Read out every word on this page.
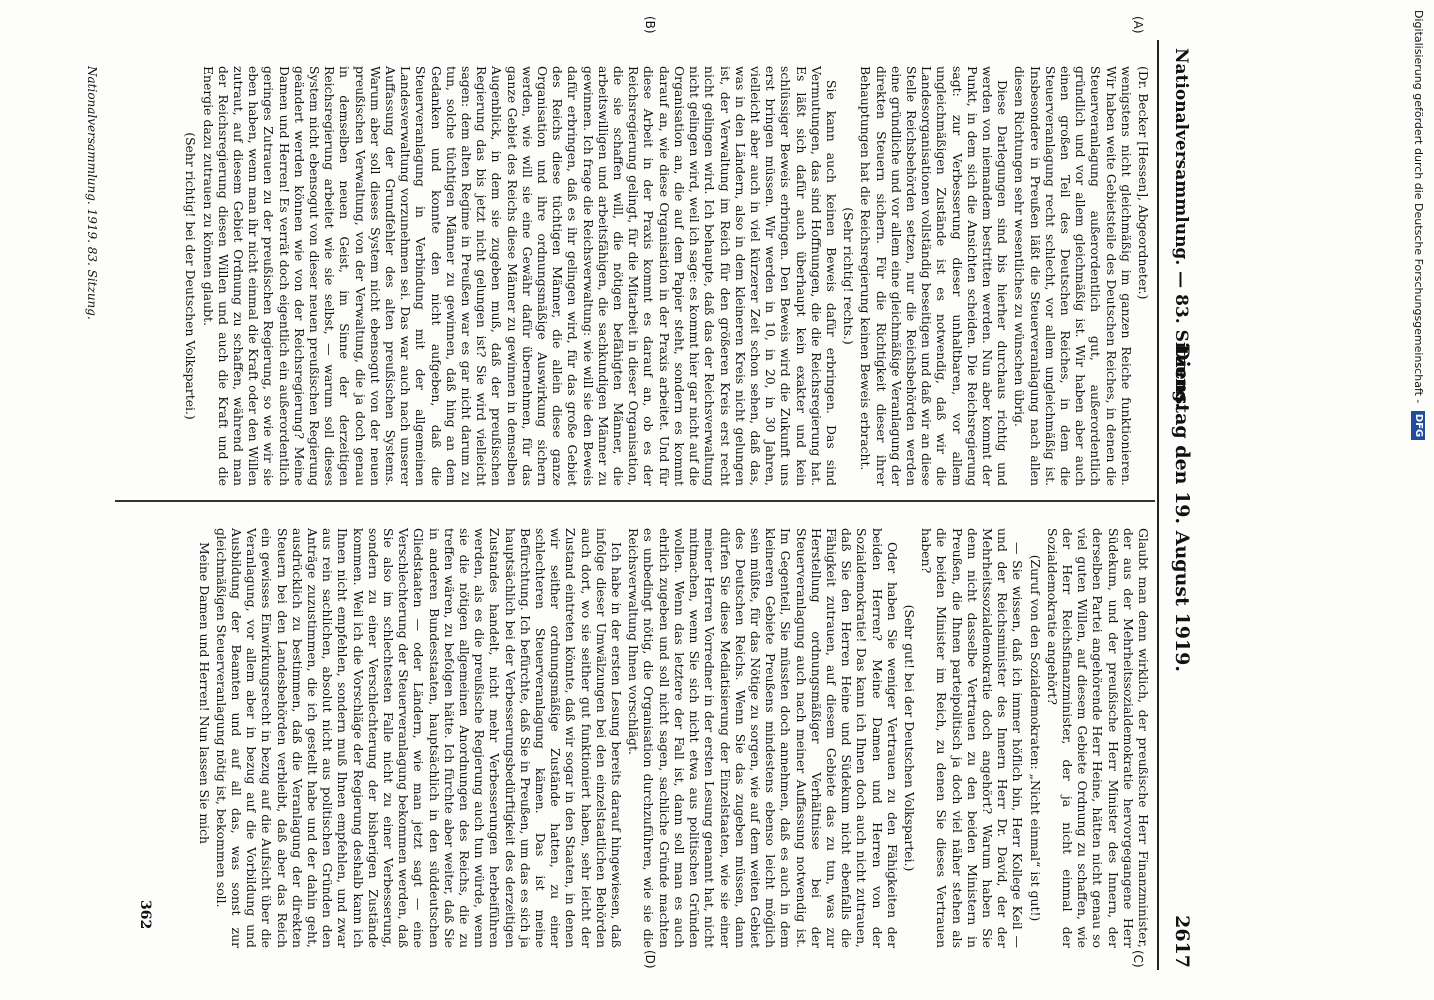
Nationalversammlung. — 83. Sitzung.
Dienstag den 19. August 1919.
2617
(A)
(B)
(C)
(D)

(Dr. Becker [Hessen], Abgeordneter.)

wenigstens nicht gleichmäßig im ganzen Reiche funktionieren. Wir haben weite Gebietsteile des Deutschen Reiches, in denen die Steuerveranlagung außerordentlich gut, außerordentlich gründlich und vor allem gleichmäßig ist. Wir haben aber auch einen großen Teil des Deutschen Reiches, in dem die Steuerveranlagung recht schlecht, vor allem ungleichmäßig ist. Insbesondere in Preußen läßt die Steuerveranlagung nach allen diesen Richtungen sehr wesentliches zu wünschen übrig.

Diese Darlegungen sind bis hierher durchaus richtig und werden von niemandem bestritten werden. Nun aber kommt der Punkt, in dem sich die Ansichten scheiden. Die Reichsregierung sagt: zur Verbesserung dieser unhaltbaren, vor allem ungleichmäßigen Zustände ist es notwendig, daß wir die Landesorganisationen vollständig beseitigen und daß wir an diese Stelle Reichsbehörden setzen, nur die Reichsbehörden werden eine gründliche und vor allem eine gleichmäßige Veranlagung der direkten Steuern sichern. Für die Richtigkeit dieser ihrer Behauptungen hat die Reichsregierung keinen Beweis erbracht.

(Sehr richtig! rechts.)

Sie kann auch keinen Beweis dafür erbringen. Das sind Vermutungen, das sind Hoffnungen, die die Reichsregierung hat. Es läßt sich dafür auch überhaupt kein exakter und kein schlüssiger Beweis erbringen. Den Beweis wird die Zukunft uns erst bringen müssen. Wir werden in 10, in 20, in 30 Jahren, vielleicht aber auch in viel kürzerer Zeit schon sehen, daß das, was in den Ländern, also in dem kleineren Kreis nicht gelungen ist, der Verwaltung im Reich für den größeren Kreis erst recht nicht gelingen wird. Ich behaupte, daß das der Reichsverwaltung nicht gelingen wird, weil ich sage: es kommt hier gar nicht auf die Organisation an, die auf dem Papier steht, sondern es kommt darauf an, wie diese Organisation in der Praxis arbeitet. Und für diese Arbeit in der Praxis kommt es darauf an, ob es der Reichsregierung gelingt, für die Mitarbeit in dieser Organisation, die sie schaffen will, die nötigen befähigten Männer, die arbeitswilligen und arbeitsfähigen, die sachkundigen Männer zu gewinnen. Ich frage die Reichsverwaltung: wie will sie den Beweis dafür erbringen, daß es ihr gelingen wird, für das große Gebiet des Reichs diese tüchtigen Männer, die allein diese ganze Organisation und ihre ordnungsmäßige Auswirkung sichern werden, wie will sie eine Gewähr dafür übernehmen, für das ganze Gebiet des Reichs diese Männer zu gewinnen in demselben Augenblick, in dem sie zugeben muß, daß der preußischen Regierung das bis jetzt nicht gelungen ist? Sie wird vielleicht sagen: dem alten Regime in Preußen war es gar nicht darum zu tun, solche tüchtigen Männer zu gewinnen, daß hing an dem Gedanken und konnte den nicht aufgeben, daß die Steuerveranlagung in Verbindung mit der allgemeinen Landesverwaltung vorzunehmen sei. Das war auch nach unserer Auffassung der Grundfehler des alten preußischen Systems. Warum aber soll dieses System nicht ebensogut von der neuen preußischen Verwaltung, von der Verwaltung, die ja doch genau in demselben neuen Geist, im Sinne der derzeitigen Reichsregierung arbeitet wie sie selbst, — warum soll dieses System nicht ebensogut von dieser neuen preußischen Regierung geändert werden können wie von der Reichsregierung? Meine Damen und Herren! Es verrät doch eigentlich ein außerordentlich geringes Zutrauen zu der preußischen Regierung, so wie wir sie eben haben, wenn man ihr nicht einmal die Kraft oder den Willen zutraut, auf diesem Gebiet Ordnung zu schaffen, während man der Reichsregierung diesen Willen und auch die Kraft und die Energie dazu zutrauen zu können glaubt.

(Sehr richtig! bei der Deutschen Volkspartei.)

Glaubt man denn wirklich, der preußische Herr Finanzminister, der aus der Mehrheitssozialdemokratie hervorgegangene Herr Südekum, und der preußische Herr Minister des Innern, der derselben Partei angehörende Herr Heine, hätten nicht genau so viel guten Willen, auf diesem Gebiete Ordnung zu schaffen, wie der Herr Reichsfinanzminister, der ja nicht einmal der Sozialdemokratie angehört?

(Zuruf von den Sozialdemokraten: „Nicht einmal“ ist gut!)

— Sie wissen, daß ich immer höflich bin, Herr Kollege Keil — und der Reichsminister des Innern Herr Dr. David, der der Mehrheitssozialdemokratie doch angehört? Warum haben Sie denn nicht dasselbe Vertrauen zu den beiden Ministern in Preußen, die Ihnen parteipolitisch ja doch viel näher stehen als die beiden Minister im Reich, zu denen Sie dieses Vertrauen haben?

(Sehr gut! bei der Deutschen Volkspartei.)

Oder haben Sie weniger Vertrauen zu den Fähigkeiten der beiden Herren? Meine Damen und Herren von der Sozialdemokratie! Das kann ich Ihnen doch auch nicht zutrauen, daß Sie den Herren Heine und Südekum nicht ebenfalls die Fähigkeit zutrauen, auf diesem Gebiete das zu tun, was zur Herstellung ordnungsmäßiger Verhältnisse bei der Steuerveranlagung auch nach meiner Auffassung notwendig ist. Im Gegenteil, Sie müssten doch annehmen, daß es auch in dem kleineren Gebiete Preußens mindestens ebenso leicht möglich sein müßte, für das Nötige zu sorgen, wie auf dem weiten Gebiet des Deutschen Reichs. Wenn Sie das zugeben müssen, dann dürfen Sie diese Mediatisierung der Einzelstaaten, wie sie einer meiner Herren Vorredner in der ersten Lesung genannt hat, nicht mitmachen, wenn Sie sich nicht etwa aus politischen Gründen wollen. Wenn das letztere der Fall ist, dann soll man es auch ehrlich zugeben und soll nicht sagen, sachliche Gründe machten es unbedingt nötig, die Organisation durchzuführen, wie sie die Reichsverwaltung Ihnen vorschlägt.

Ich habe in der ersten Lesung bereits darauf hingewiesen, daß infolge dieser Umwälzungen bei den einzelstaatlichen Behörden auch dort, wo sie seither gut funktioniert haben, sehr leicht der Zustand eintreten könnte, daß wir sogar in den Staaten, in denen wir seither ordnungsmäßige Zustände hatten, zu einer schlechteren Steuerveranlagung kämen. Das ist meine Befürchtung. Ich befürchte, daß Sie in Preußen, um das es sich ja hauptsächlich bei der Verbesserungsbedürftigkeit des derzeitigen Zustandes handelt, nicht mehr Verbesserungen herbeiführen werden, als es die preußische Regierung auch tun würde, wenn sie die nötigen allgemeinen Anordnungen des Reichs, die zu treffen wären, zu befolgen hätte. Ich fürchte aber weiter, daß Sie in anderen Bundesstaaten, hauptsächlich in den süddeutschen Gliedstaaten — oder Ländern, wie man jetzt sagt — eine Verschlechterung der Steuerveranlagung bekommen werden, daß Sie also im schlechtesten Falle nicht zu einer Verbesserung, sondern zu einer Verschlechterung der bisherigen Zustände kommen. Weil ich die Vorschläge der Regierung deshalb kann ich Ihnen nicht empfehlen, sondern muß Ihnen empfehlen, und zwar aus rein sachlichen, absolut nicht aus politischen Gründen den Anträge zuzustimmen, die ich gestellt habe und der dahin geht, ausdrücklich zu bestimmen, daß die Veranlagung der direkten Steuern bei den Landesbehörden verbleibt, daß aber das Reich ein gewisses Einwirkungsrecht in bezug auf die Aufsicht über die Veranlagung, vor allem aber in bezug auf die Vorbildung und Ausbildung der Beamten und auf all das, was sonst zur gleichmäßigen Steuerveranlagung nötig ist, bekommen soll.

Meine Damen und Herren! Nun lassen Sie mich

Nationalversammlung. 1919. 83. Sitzung.
362
Digitalisierung gefördert durch die Deutsche Forschungsgemeinschaft - DFG
